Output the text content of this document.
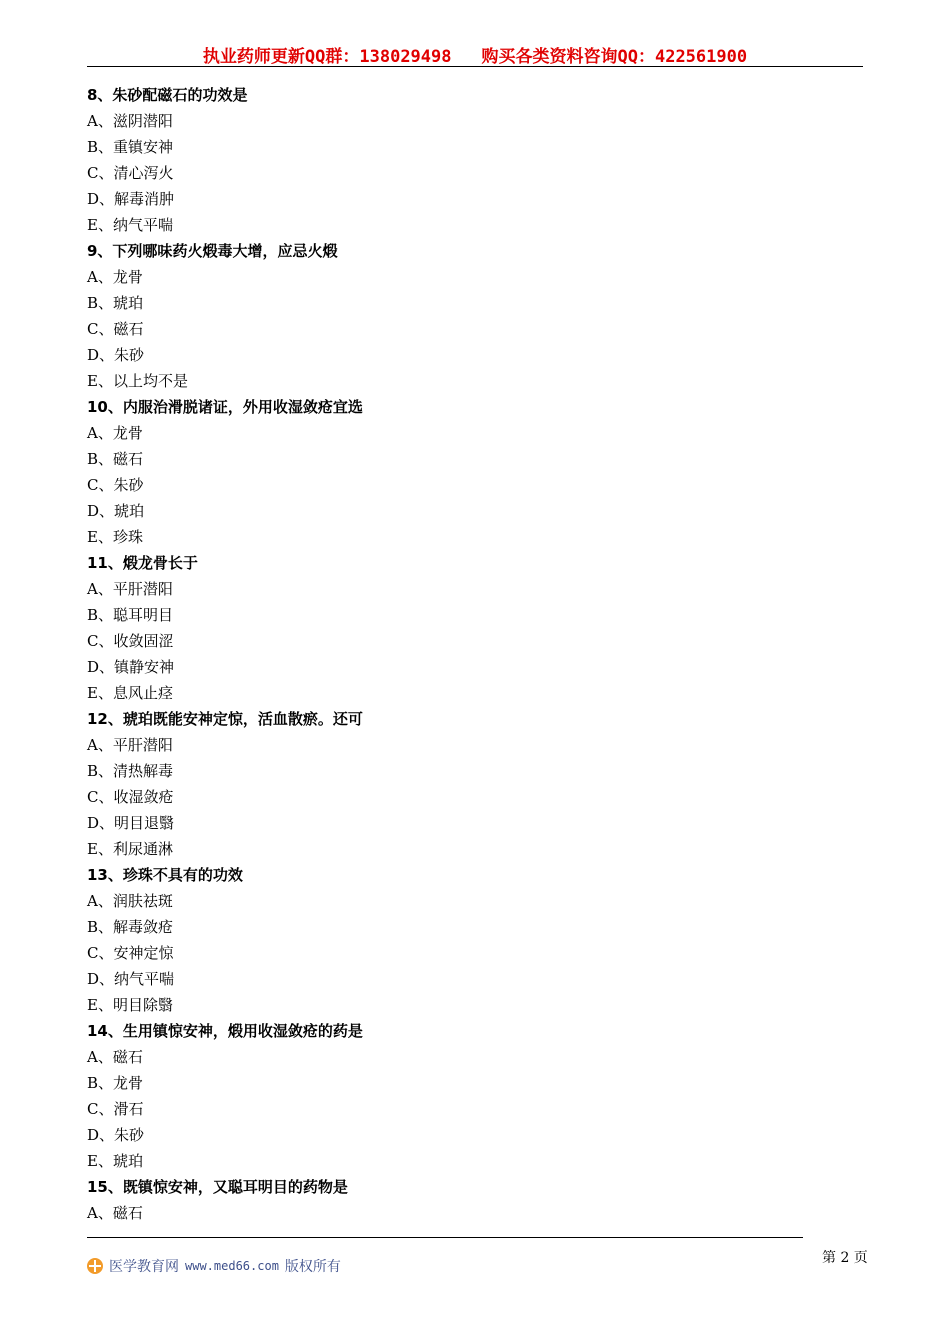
执业药师更新QQ群：138029498 购买各类资料咨询QQ：422561900
8、朱砂配磁石的功效是
A、滋阴潜阳
B、重镇安神
C、清心泻火
D、解毒消肿
E、纳气平喘
9、下列哪味药火煅毒大增，应忌火煅
A、龙骨
B、琥珀
C、磁石
D、朱砂
E、以上均不是
10、内服治滑脱诸证，外用收湿敛疮宜选
A、龙骨
B、磁石
C、朱砂
D、琥珀
E、珍珠
11、煅龙骨长于
A、平肝潜阳
B、聪耳明目
C、收敛固涩
D、镇静安神
E、息风止痉
12、琥珀既能安神定惊，活血散瘀。还可
A、平肝潜阳
B、清热解毒
C、收湿敛疮
D、明目退翳
E、利尿通淋
13、珍珠不具有的功效
A、润肤祛斑
B、解毒敛疮
C、安神定惊
D、纳气平喘
E、明目除翳
14、生用镇惊安神，煅用收湿敛疮的药是
A、磁石
B、龙骨
C、滑石
D、朱砂
E、琥珀
15、既镇惊安神，又聪耳明目的药物是
A、磁石
第 2 页
医学教育网 www.med66.com 版权所有
